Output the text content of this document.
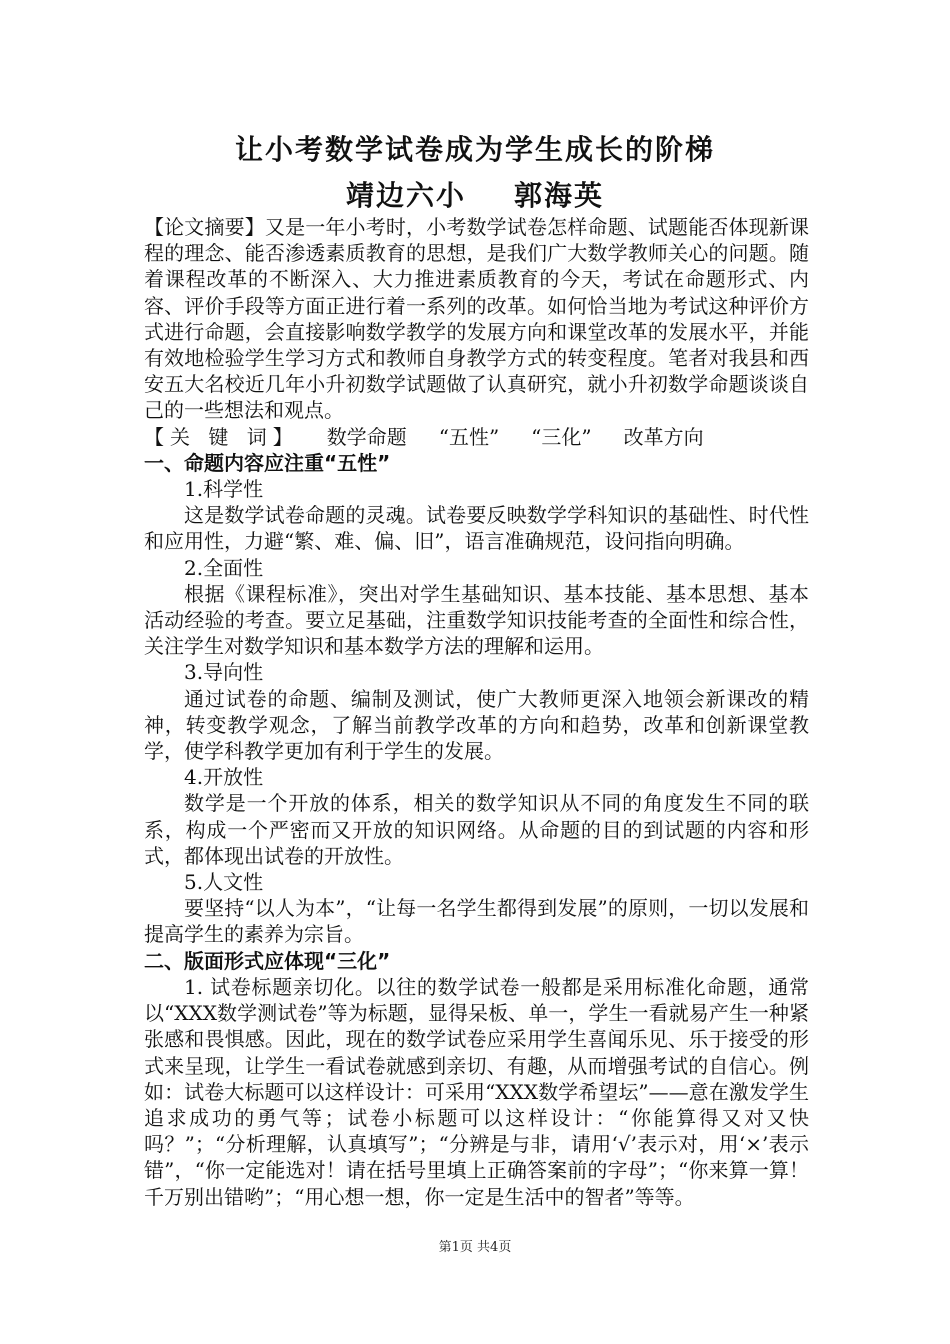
让小考数学试卷成为学生成长的阶梯
靖边六小 郭海英

【论文摘要】又是一年小考时，小考数学试卷怎样命题、试题能否体现新课程的理念、能否渗透素质教育的思想，是我们广大数学教师关心的问题。随着课程改革的不断深入、大力推进素质教育的今天，考试在命题形式、内容、评价手段等方面正进行着一系列的改革。如何恰当地为考试这种评价方式进行命题，会直接影响数学教学的发展方向和课堂改革的发展水平，并能有效地检验学生学习方式和教师自身教学方式的转变程度。笔者对我县和西安五大名校近几年小升初数学试题做了认真研究，就小升初数学命题谈谈自己的一些想法和观点。

【关 键 词】 数学命题 “五性” “三化” 改革方向

一、命题内容应注重“五性”

1.科学性

这是数学试卷命题的灵魂。试卷要反映数学学科知识的基础性、时代性和应用性，力避“繁、难、偏、旧”，语言准确规范，设问指向明确。

2.全面性

根据《课程标准》，突出对学生基础知识、基本技能、基本思想、基本活动经验的考查。要立足基础，注重数学知识技能考查的全面性和综合性，关注学生对数学知识和基本数学方法的理解和运用。

3.导向性

通过试卷的命题、编制及测试，使广大教师更深入地领会新课改的精神，转变教学观念，了解当前教学改革的方向和趋势，改革和创新课堂教学，使学科教学更加有利于学生的发展。

4.开放性

数学是一个开放的体系，相关的数学知识从不同的角度发生不同的联系，构成一个严密而又开放的知识网络。从命题的目的到试题的内容和形式，都体现出试卷的开放性。

5.人文性

要坚持“以人为本”，“让每一名学生都得到发展”的原则，一切以发展和提高学生的素养为宗旨。

二、版面形式应体现“三化”

1. 试卷标题亲切化。以往的数学试卷一般都是采用标准化命题，通常以“XXX数学测试卷”等为标题，显得呆板、单一，学生一看就易产生一种紧张感和畏惧感。因此，现在的数学试卷应采用学生喜闻乐见、乐于接受的形式来呈现，让学生一看试卷就感到亲切、有趣，从而增强考试的自信心。例如：试卷大标题可以这样设计：可采用“XXX数学希望坛”——意在激发学生追求成功的勇气等；试卷小标题可以这样设计：“你能算得又对又快吗？”；“分析理解，认真填写”；“分辨是与非，请用‘√’表示对，用‘×’表示错”，“你一定能选对！请在括号里填上正确答案前的字母”；“你来算一算！千万别出错哟”；“用心想一想，你一定是生活中的智者”等等。

第1页 共4页
